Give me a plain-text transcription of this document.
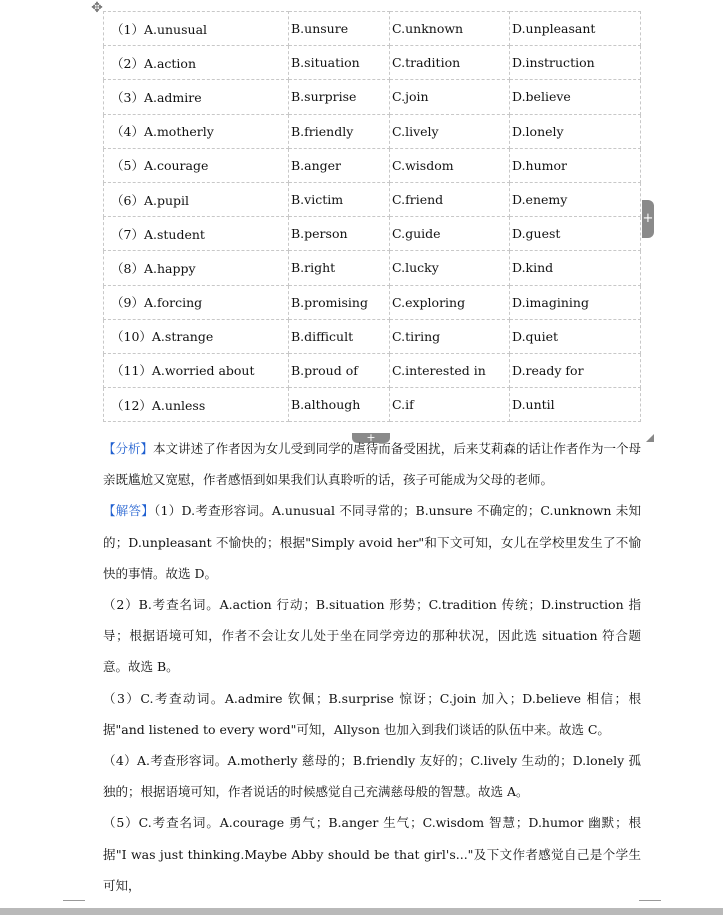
✥
（1）A.unusual	B.unsure	C.unknown	D.unpleasant
（2）A.action	B.situation	C.tradition	D.instruction
（3）A.admire	B.surprise	C.join	D.believe
（4）A.motherly	B.friendly	C.lively	D.lonely
（5）A.courage	B.anger	C.wisdom	D.humor
（6）A.pupil	B.victim	C.friend	D.enemy
（7）A.student	B.person	C.guide	D.guest
（8）A.happy	B.right	C.lucky	D.kind
（9）A.forcing	B.promising	C.exploring	D.imagining
（10）A.strange	B.difficult	C.tiring	D.quiet
（11）A.worried about	B.proud of	C.interested in	D.ready for
（12）A.unless	B.although	C.if	D.until
+
+

【分析】本文讲述了作者因为女儿受到同学的虐待而备受困扰，后来艾莉森的话让作者作为一个母亲既尴尬又宽慰，作者感悟到如果我们认真聆听的话，孩子可能成为父母的老师。

【解答】（1）D.考查形容词。A.unusual 不同寻常的；B.unsure 不确定的；C.unknown 未知的；D.unpleasant 不愉快的；根据"Simply avoid her"和下文可知，女儿在学校里发生了不愉快的事情。故选 D。

（2）B.考查名词。A.action 行动；B.situation 形势；C.tradition 传统；D.instruction 指导；根据语境可知，作者不会让女儿处于坐在同学旁边的那种状况，因此选 situation 符合题意。故选 B。

（3）C.考查动词。A.admire 钦佩；B.surprise 惊讶；C.join 加入；D.believe 相信；根据"and listened to every word"可知，Allyson 也加入到我们谈话的队伍中来。故选 C。

（4）A.考查形容词。A.motherly 慈母的；B.friendly 友好的；C.lively 生动的；D.lonely 孤独的；根据语境可知，作者说话的时候感觉自己充满慈母般的智慧。故选 A。

（5）C.考查名词。A.courage 勇气；B.anger 生气；C.wisdom 智慧；D.humor 幽默；根据"I was just thinking.Maybe Abby should be that girl's..."及下文作者感觉自己是个学生可知，
